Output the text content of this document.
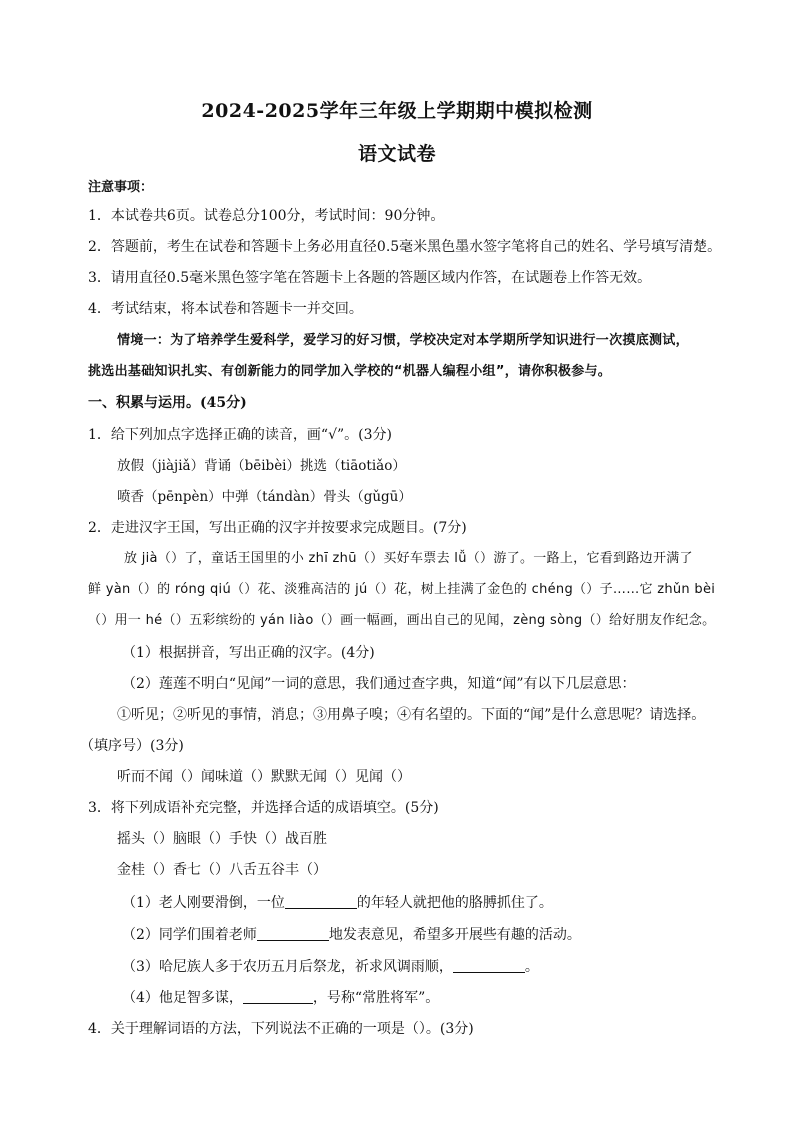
2024-2025学年三年级上学期期中模拟检测
语文试卷
注意事项：
1．本试卷共6页。试卷总分100分，考试时间：90分钟。
2．答题前，考生在试卷和答题卡上务必用直径0.5毫米黑色墨水签字笔将自己的姓名、学号填写清楚。
3．请用直径0.5毫米黑色签字笔在答题卡上各题的答题区域内作答，在试题卷上作答无效。
4．考试结束，将本试卷和答题卡一并交回。
情境一：为了培养学生爱科学，爱学习的好习惯，学校决定对本学期所学知识进行一次摸底测试，
挑选出基础知识扎实、有创新能力的同学加入学校的“机器人编程小组”，请你积极参与。
一、积累与运用。(45分)
1．给下列加点字选择正确的读音，画“√”。(3分)
放假（jiàjiǎ）背诵（bēibèi）挑选（tiāotiǎo）
喷香（pēnpèn）中弹（tándàn）骨头（gǔgū）
2．走进汉字王国，写出正确的汉字并按要求完成题目。(7分)
放 jià（）了，童话王国里的小 zhī zhū（）买好车票去 lǚ（）游了。一路上，它看到路边开满了
鲜 yàn（）的 róng qiú（）花、淡雅高洁的 jú（）花，树上挂满了金色的 chéng（）子……它 zhǔn bèi
（）用一 hé（）五彩缤纷的 yán liào（）画一幅画，画出自己的见闻，zèng sòng（）给好朋友作纪念。
（1）根据拼音，写出正确的汉字。(4分)
（2）莲莲不明白“见闻”一词的意思，我们通过查字典，知道“闻”有以下几层意思：
①听见；②听见的事情，消息；③用鼻子嗅；④有名望的。下面的“闻”是什么意思呢？请选择。
（填序号）(3分)
听而不闻（）闻味道（）默默无闻（）见闻（）
3．将下列成语补充完整，并选择合适的成语填空。(5分)
摇头（）脑眼（）手快（）战百胜
金桂（）香七（）八舌五谷丰（）
（1）老人刚要滑倒，一位	的年轻人就把他的胳膊抓住了。
（2）同学们围着老师	地发表意见，希望多开展些有趣的活动。
（3）哈尼族人多于农历五月后祭龙，祈求风调雨顺，	。
（4）他足智多谋，	，号称“常胜将军”。
4．关于理解词语的方法，下列说法不正确的一项是（）。(3分)
